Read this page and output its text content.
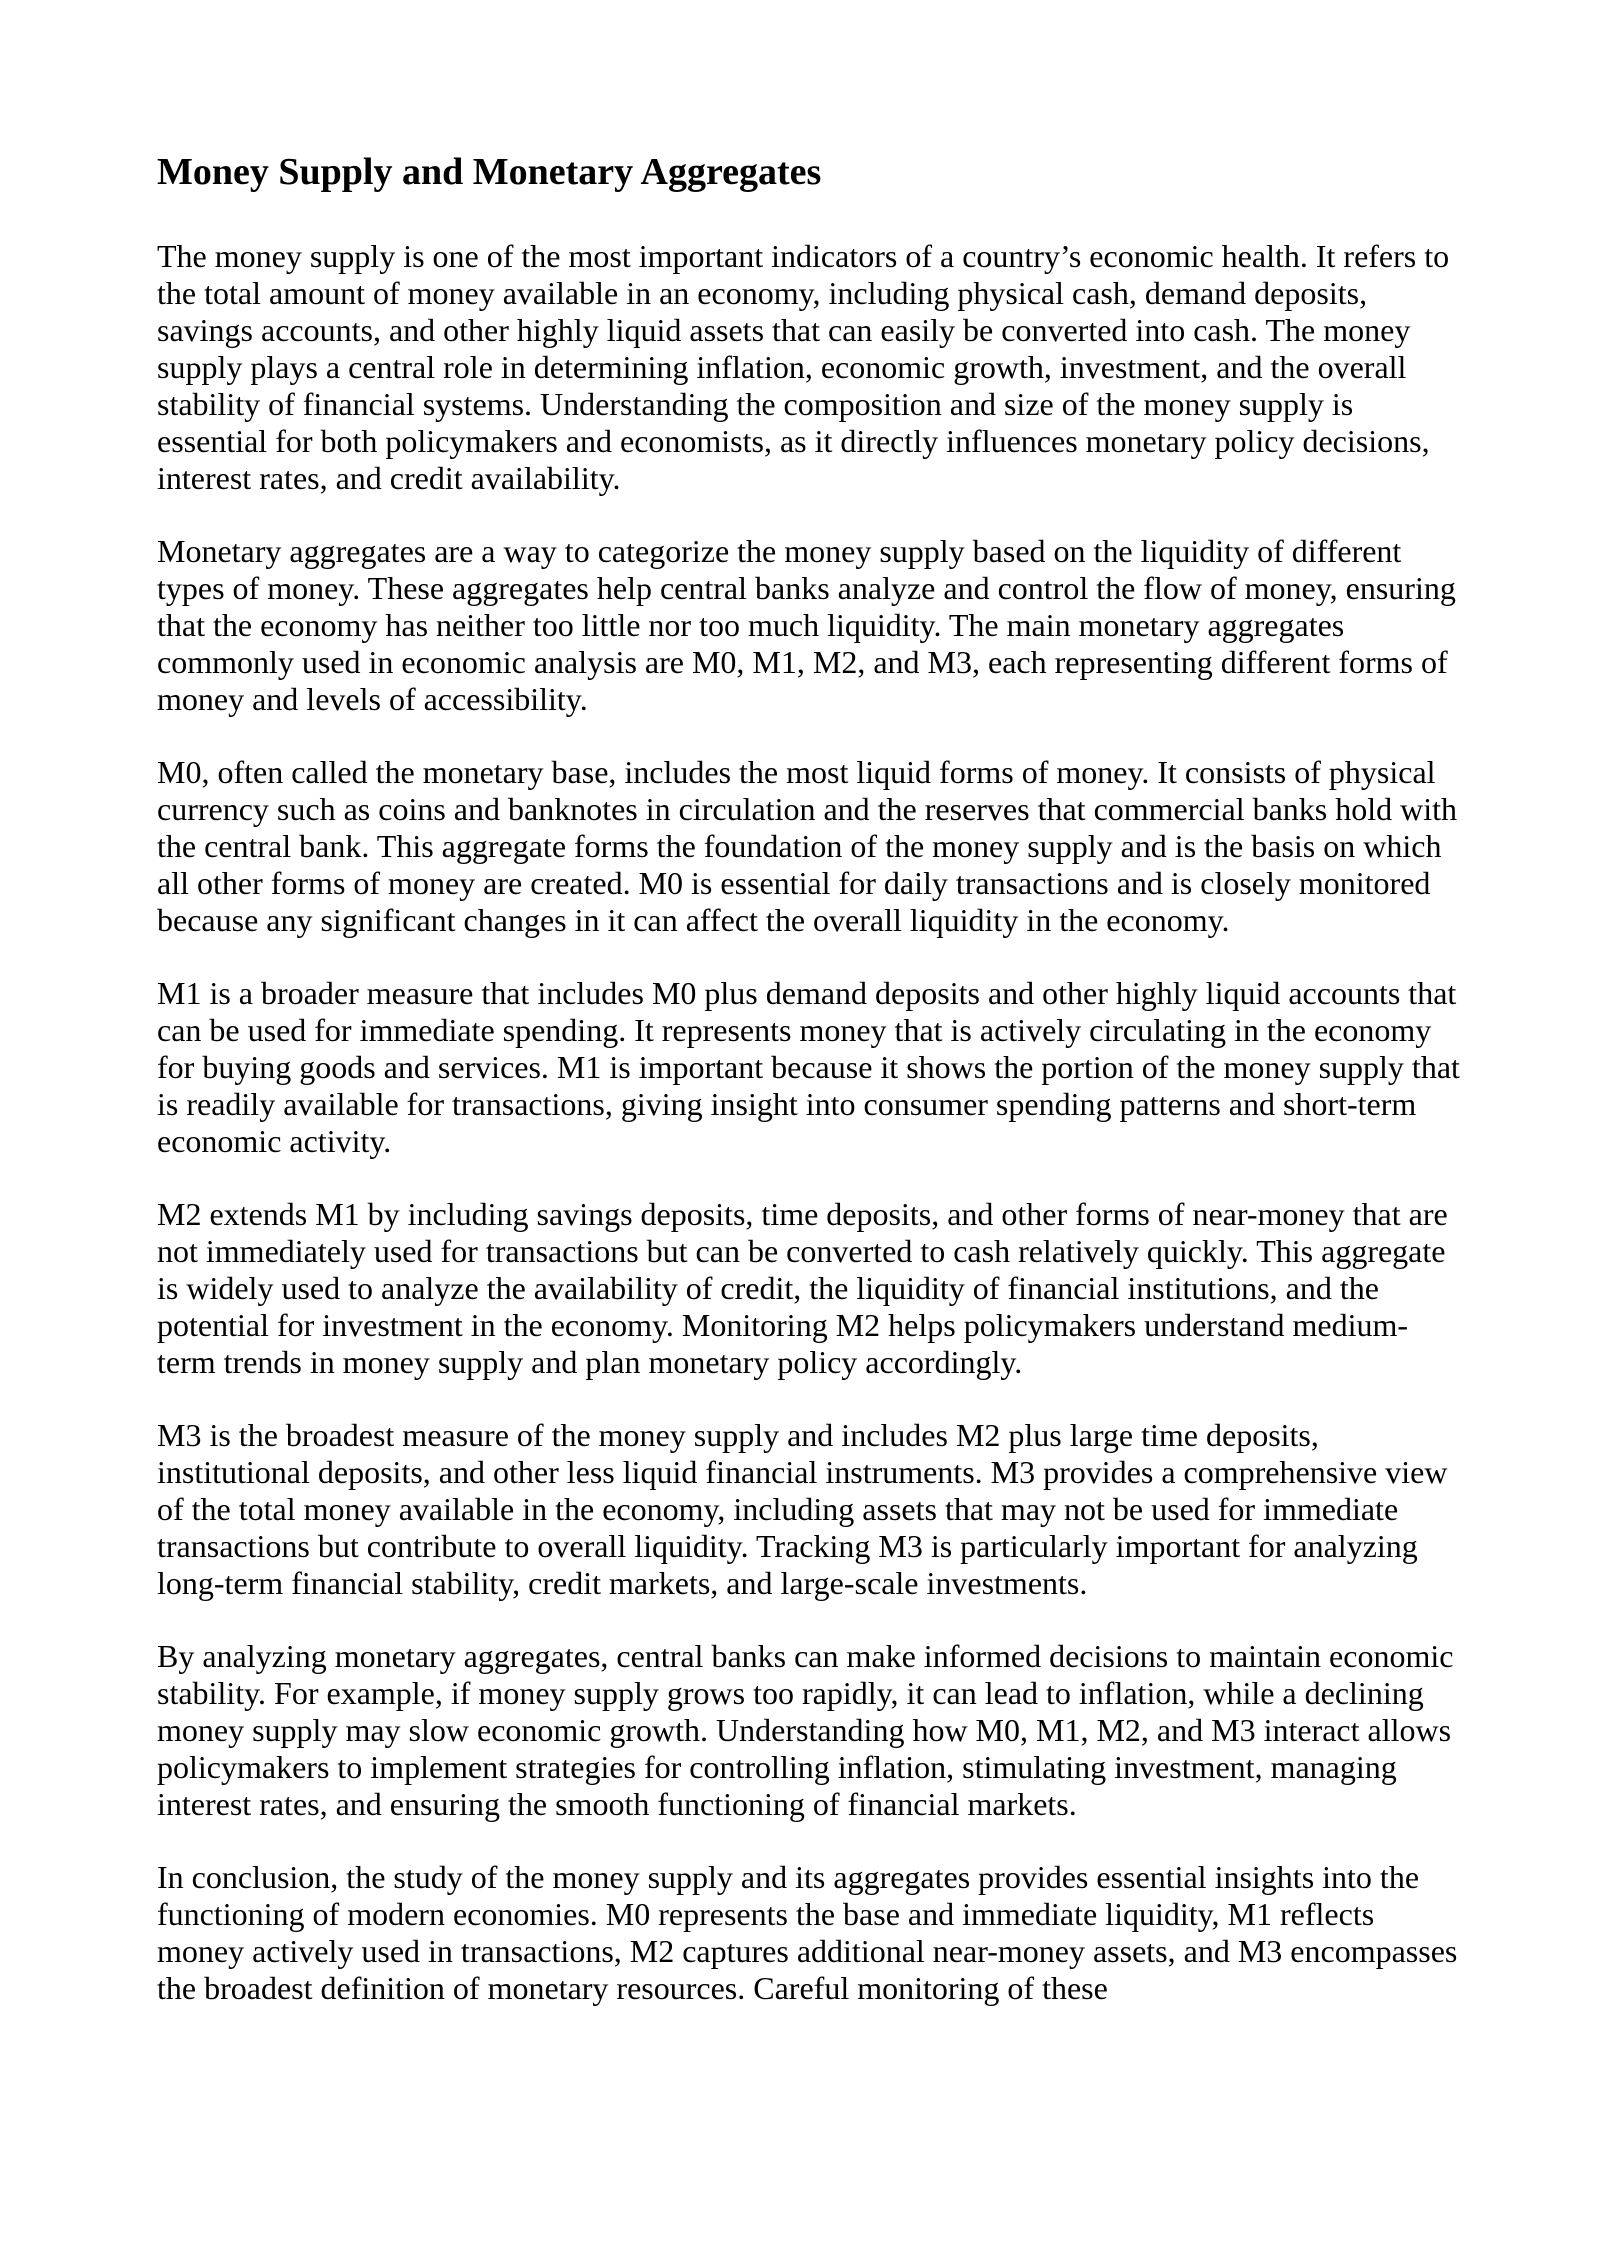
Money Supply and Monetary Aggregates

The money supply is one of the most important indicators of a country’s economic health. It refers to the total amount of money available in an economy, including physical cash, demand deposits, savings accounts, and other highly liquid assets that can easily be converted into cash. The money supply plays a central role in determining inflation, economic growth, investment, and the overall stability of financial systems. Understanding the composition and size of the money supply is essential for both policymakers and economists, as it directly influences monetary policy decisions, interest rates, and credit availability.

Monetary aggregates are a way to categorize the money supply based on the liquidity of different types of money. These aggregates help central banks analyze and control the flow of money, ensuring that the economy has neither too little nor too much liquidity. The main monetary aggregates commonly used in economic analysis are M0, M1, M2, and M3, each representing different forms of money and levels of accessibility.

M0, often called the monetary base, includes the most liquid forms of money. It consists of physical currency such as coins and banknotes in circulation and the reserves that commercial banks hold with the central bank. This aggregate forms the foundation of the money supply and is the basis on which all other forms of money are created. M0 is essential for daily transactions and is closely monitored because any significant changes in it can affect the overall liquidity in the economy.

M1 is a broader measure that includes M0 plus demand deposits and other highly liquid accounts that can be used for immediate spending. It represents money that is actively circulating in the economy for buying goods and services. M1 is important because it shows the portion of the money supply that is readily available for transactions, giving insight into consumer spending patterns and short-term economic activity.

M2 extends M1 by including savings deposits, time deposits, and other forms of near-money that are not immediately used for transactions but can be converted to cash relatively quickly. This aggregate is widely used to analyze the availability of credit, the liquidity of financial institutions, and the potential for investment in the economy. Monitoring M2 helps policymakers understand medium-term trends in money supply and plan monetary policy accordingly.

M3 is the broadest measure of the money supply and includes M2 plus large time deposits, institutional deposits, and other less liquid financial instruments. M3 provides a comprehensive view of the total money available in the economy, including assets that may not be used for immediate transactions but contribute to overall liquidity. Tracking M3 is particularly important for analyzing long-term financial stability, credit markets, and large-scale investments.

By analyzing monetary aggregates, central banks can make informed decisions to maintain economic stability. For example, if money supply grows too rapidly, it can lead to inflation, while a declining money supply may slow economic growth. Understanding how M0, M1, M2, and M3 interact allows policymakers to implement strategies for controlling inflation, stimulating investment, managing interest rates, and ensuring the smooth functioning of financial markets.

In conclusion, the study of the money supply and its aggregates provides essential insights into the functioning of modern economies. M0 represents the base and immediate liquidity, M1 reflects money actively used in transactions, M2 captures additional near-money assets, and M3 encompasses the broadest definition of monetary resources. Careful monitoring of these
